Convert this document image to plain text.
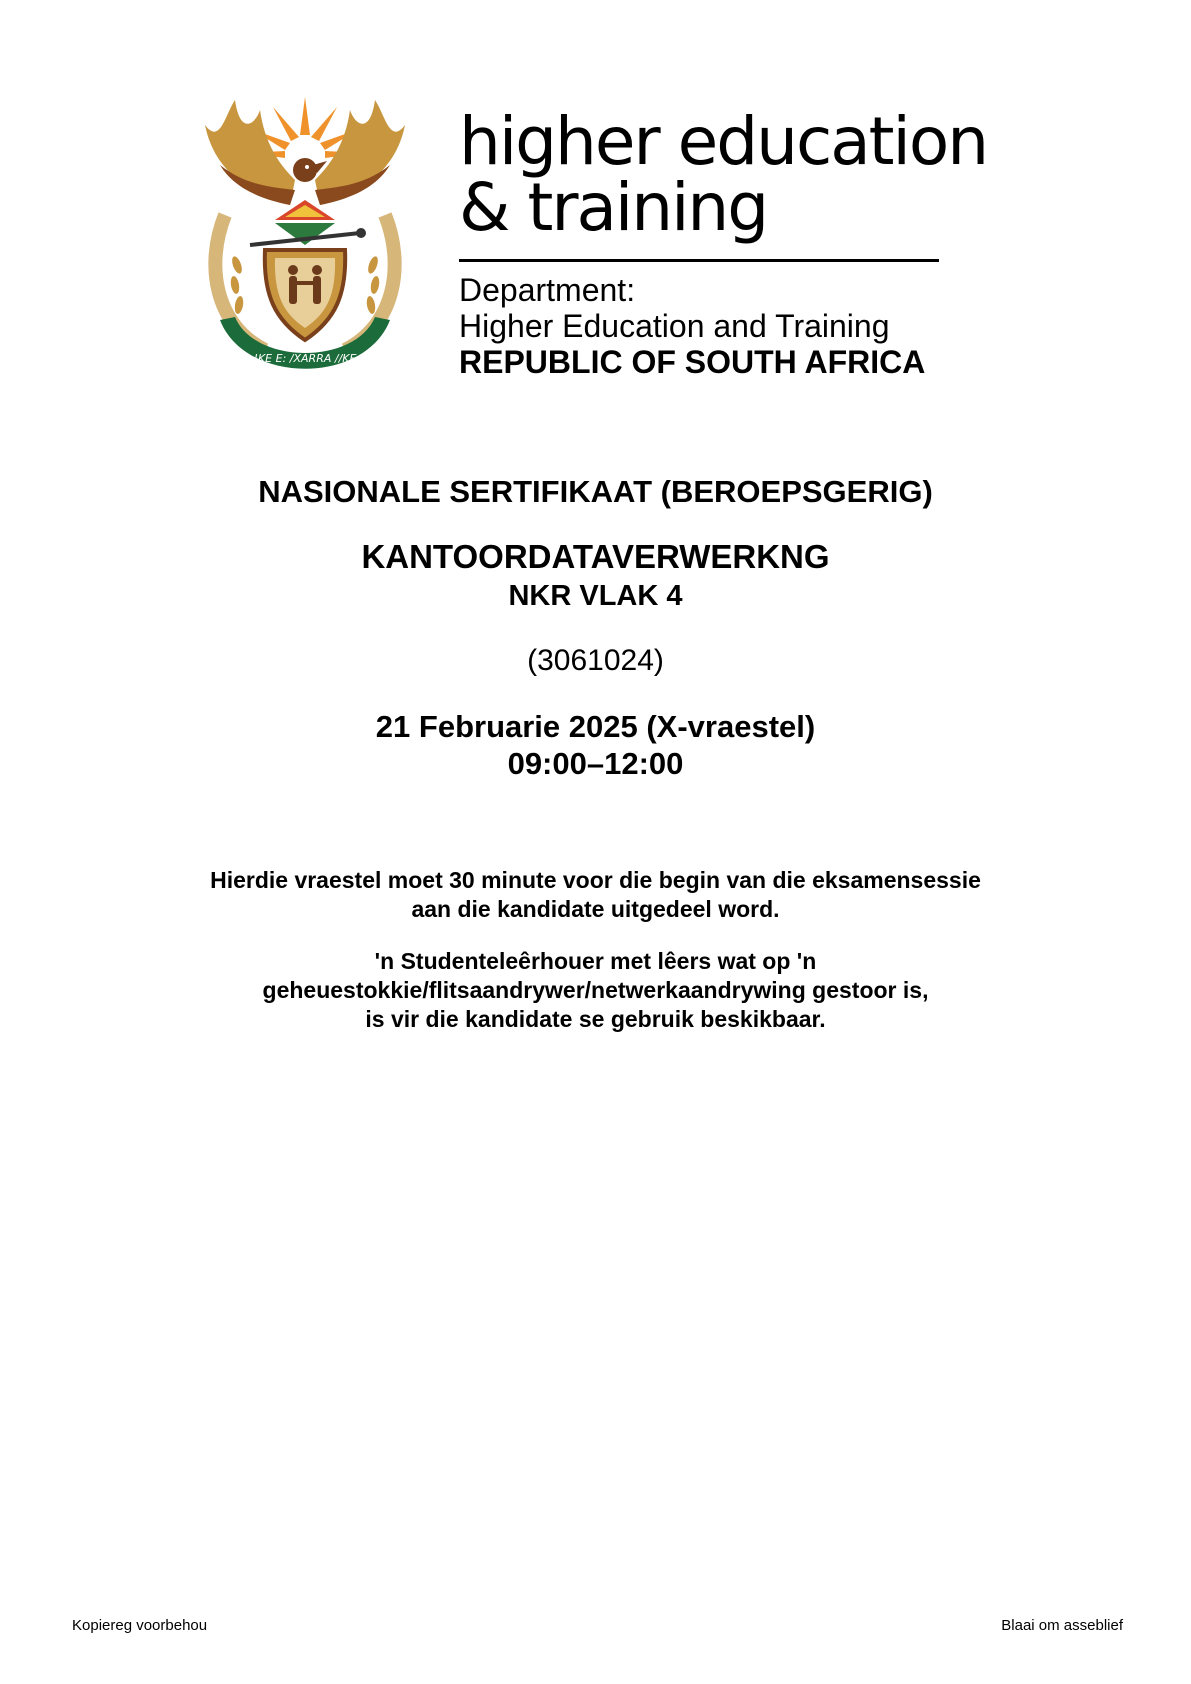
!KE E: /XARRA //KE
higher education
& training
Department:
Higher Education and Training
REPUBLIC OF SOUTH AFRICA
NASIONALE SERTIFIKAAT (BEROEPSGERIG)
KANTOORDATAVERWERKNG
NKR VLAK 4
(3061024)
21 Februarie 2025 (X-vraestel)
09:00–12:00
Hierdie vraestel moet 30 minute voor die begin van die eksamensessie
aan die kandidate uitgedeel word.
'n Studenteleêrhouer met lêers wat op 'n
geheuestokkie/flitsaandrywer/netwerkaandrywing gestoor is,
is vir die kandidate se gebruik beskikbaar.
Kopiereg voorbehou	Blaai om asseblief
